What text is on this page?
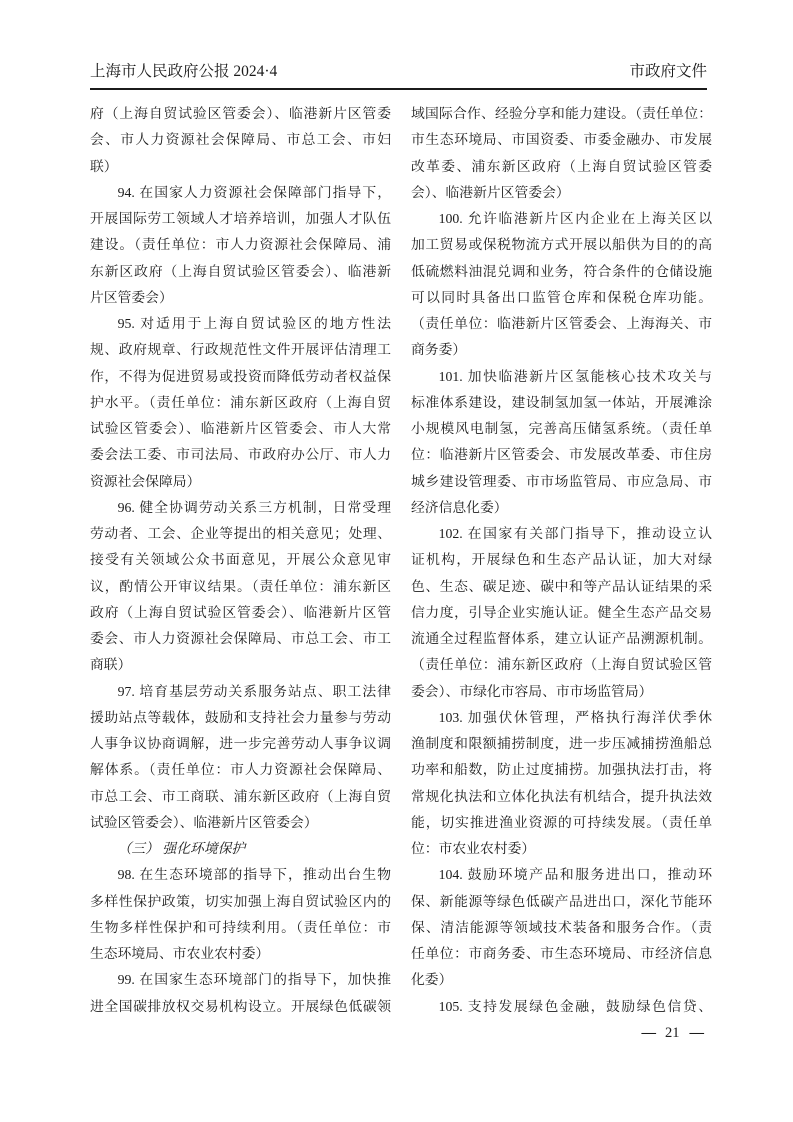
上海市人民政府公报 2024·4	市政府文件
府（上海自贸试验区管委会）、临港新片区管委
会、市人力资源社会保障局、市总工会、市妇
联）
94. 在国家人力资源社会保障部门指导下，
开展国际劳工领域人才培养培训，加强人才队伍
建设。（责任单位：市人力资源社会保障局、浦
东新区政府（上海自贸试验区管委会）、临港新
片区管委会）
95. 对适用于上海自贸试验区的地方性法
规、政府规章、行政规范性文件开展评估清理工
作，不得为促进贸易或投资而降低劳动者权益保
护水平。（责任单位：浦东新区政府（上海自贸
试验区管委会）、临港新片区管委会、市人大常
委会法工委、市司法局、市政府办公厅、市人力
资源社会保障局）
96. 健全协调劳动关系三方机制，日常受理
劳动者、工会、企业等提出的相关意见；处理、
接受有关领域公众书面意见，开展公众意见审
议，酌情公开审议结果。（责任单位：浦东新区
政府（上海自贸试验区管委会）、临港新片区管
委会、市人力资源社会保障局、市总工会、市工
商联）
97. 培育基层劳动关系服务站点、职工法律
援助站点等载体，鼓励和支持社会力量参与劳动
人事争议协商调解，进一步完善劳动人事争议调
解体系。（责任单位：市人力资源社会保障局、
市总工会、市工商联、浦东新区政府（上海自贸
试验区管委会）、临港新片区管委会）
（三） 强化环境保护
98. 在生态环境部的指导下，推动出台生物
多样性保护政策，切实加强上海自贸试验区内的
生物多样性保护和可持续利用。（责任单位：市
生态环境局、市农业农村委）
99. 在国家生态环境部门的指导下，加快推
进全国碳排放权交易机构设立。开展绿色低碳领
域国际合作、经验分享和能力建设。（责任单位：
市生态环境局、市国资委、市委金融办、市发展
改革委、浦东新区政府（上海自贸试验区管委
会）、临港新片区管委会）
100. 允许临港新片区内企业在上海关区以
加工贸易或保税物流方式开展以船供为目的的高
低硫燃料油混兑调和业务，符合条件的仓储设施
可以同时具备出口监管仓库和保税仓库功能。
（责任单位：临港新片区管委会、上海海关、市
商务委）
101. 加快临港新片区氢能核心技术攻关与
标准体系建设，建设制氢加氢一体站，开展滩涂
小规模风电制氢，完善高压储氢系统。（责任单
位：临港新片区管委会、市发展改革委、市住房
城乡建设管理委、市市场监管局、市应急局、市
经济信息化委）
102. 在国家有关部门指导下，推动设立认
证机构，开展绿色和生态产品认证，加大对绿
色、生态、碳足迹、碳中和等产品认证结果的采
信力度，引导企业实施认证。健全生态产品交易
流通全过程监督体系，建立认证产品溯源机制。
（责任单位：浦东新区政府（上海自贸试验区管
委会）、市绿化市容局、市市场监管局）
103. 加强伏休管理，严格执行海洋伏季休
渔制度和限额捕捞制度，进一步压减捕捞渔船总
功率和船数，防止过度捕捞。加强执法打击，将
常规化执法和立体化执法有机结合，提升执法效
能，切实推进渔业资源的可持续发展。（责任单
位：市农业农村委）
104. 鼓励环境产品和服务进出口，推动环
保、新能源等绿色低碳产品进出口，深化节能环
保、清洁能源等领域技术装备和服务合作。（责
任单位：市商务委、市生态环境局、市经济信息
化委）
105. 支持发展绿色金融，鼓励绿色信贷、
— 21 —
